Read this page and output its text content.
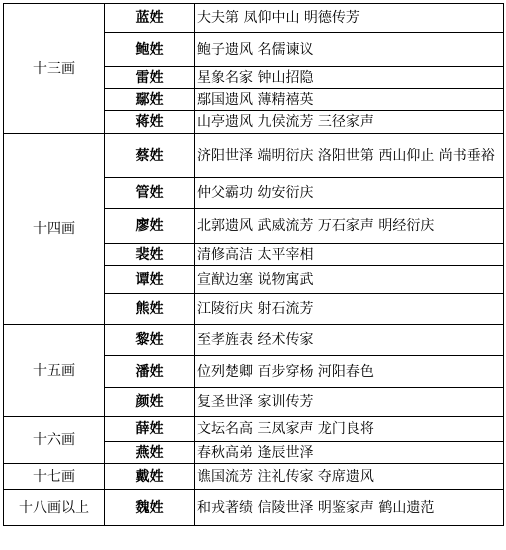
十三画	蓝姓	大夫第 凤仰中山 明德传芳
	鲍姓	鲍子遗风 名儒谏议
	雷姓	星象名家 钟山招隐
	鄢姓	鄢国遗风 薄精禧英
	蒋姓	山亭遗风 九侯流芳 三径家声
十四画	蔡姓	济阳世泽 端明衍庆 洛阳世第 西山仰止 尚书垂裕
	管姓	仲父霸功 幼安衍庆
	廖姓	北郭遗风 武威流芳 万石家声 明经衍庆
	裴姓	清修高洁 太平宰相
	谭姓	宣猷边塞 说物寓武
	熊姓	江陵衍庆 射石流芳
十五画	黎姓	至孝旌表 经术传家
	潘姓	位列楚卿 百步穿杨 河阳春色
	颜姓	复圣世泽 家训传芳
十六画	薛姓	文坛名高 三凤家声 龙门良将
	燕姓	春秋高弟 逢辰世泽
十七画	戴姓	谯国流芳 注礼传家 夺席遗风
十八画以上	魏姓	和戎著绩 信陵世泽 明鉴家声 鹤山遗范
